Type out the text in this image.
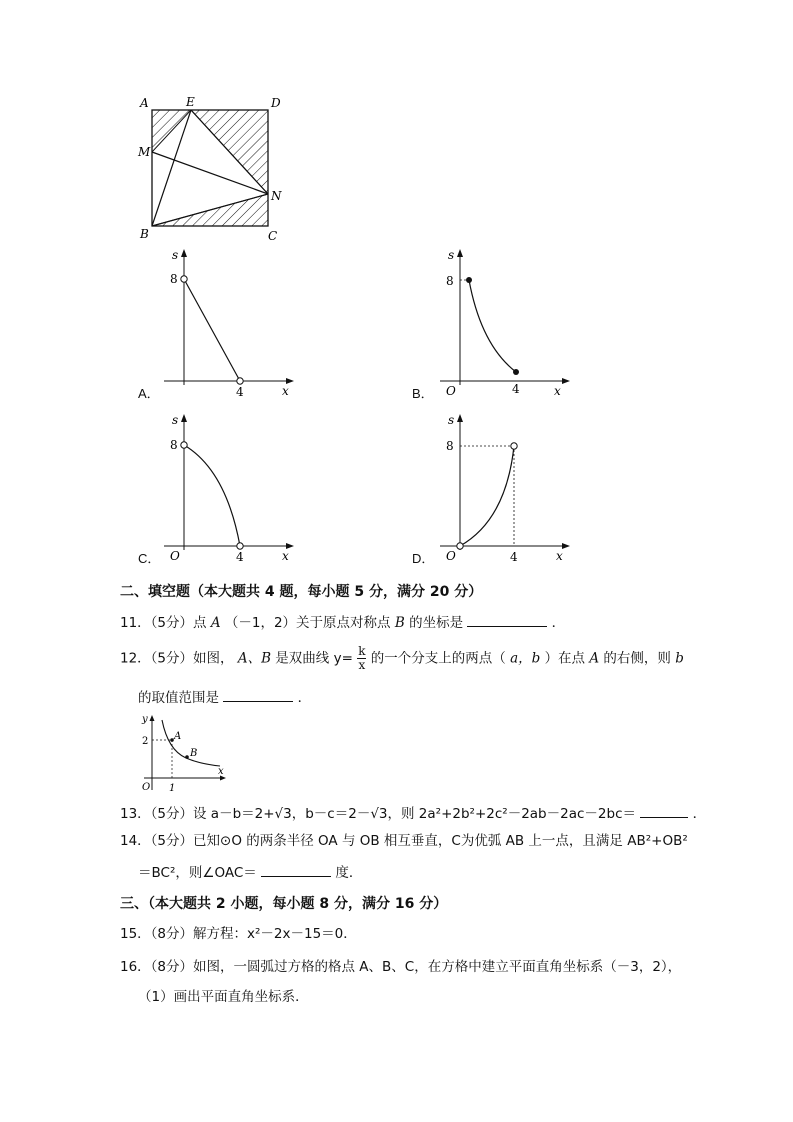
A	E	D
M
N
B	C
s
8
4	x
A．
s
8
O	4	x
B．
s
8
O	4	x
C．
s
8
O	4	x
D．
二、填空题（本大题共 4 题，每小题 5 分，满分 20 分）
11．（5分）点 A （－1，2）关于原点对称点 B 的坐标是	．
12．（5分）如图， A、B 是双曲线 $y= \frac{k}{x}$ 的一个分支上的两点（ a，b ）在点 A 的右侧，则 b
的取值范围是	．
y
2	A
B
O 1
x
13．（5分）设 a－b＝2+√3，b－c＝2－√3，则 2a²+2b²+2c²－2ab－2ac－2bc＝	．
14．（5分）已知⊙O 的两条半径 OA 与 OB 相互垂直，C为优弧 AB 上一点，且满足 AB²+OB²
＝BC²，则∠OAC＝	度．
三、（本大题共 2 小题，每小题 8 分，满分 16 分）
15．（8分）解方程：x²－2x－15＝0．
16．（8分）如图，一圆弧过方格的格点 A、B、C，在方格中建立平面直角坐标系（－3，2），
（1）画出平面直角坐标系．
